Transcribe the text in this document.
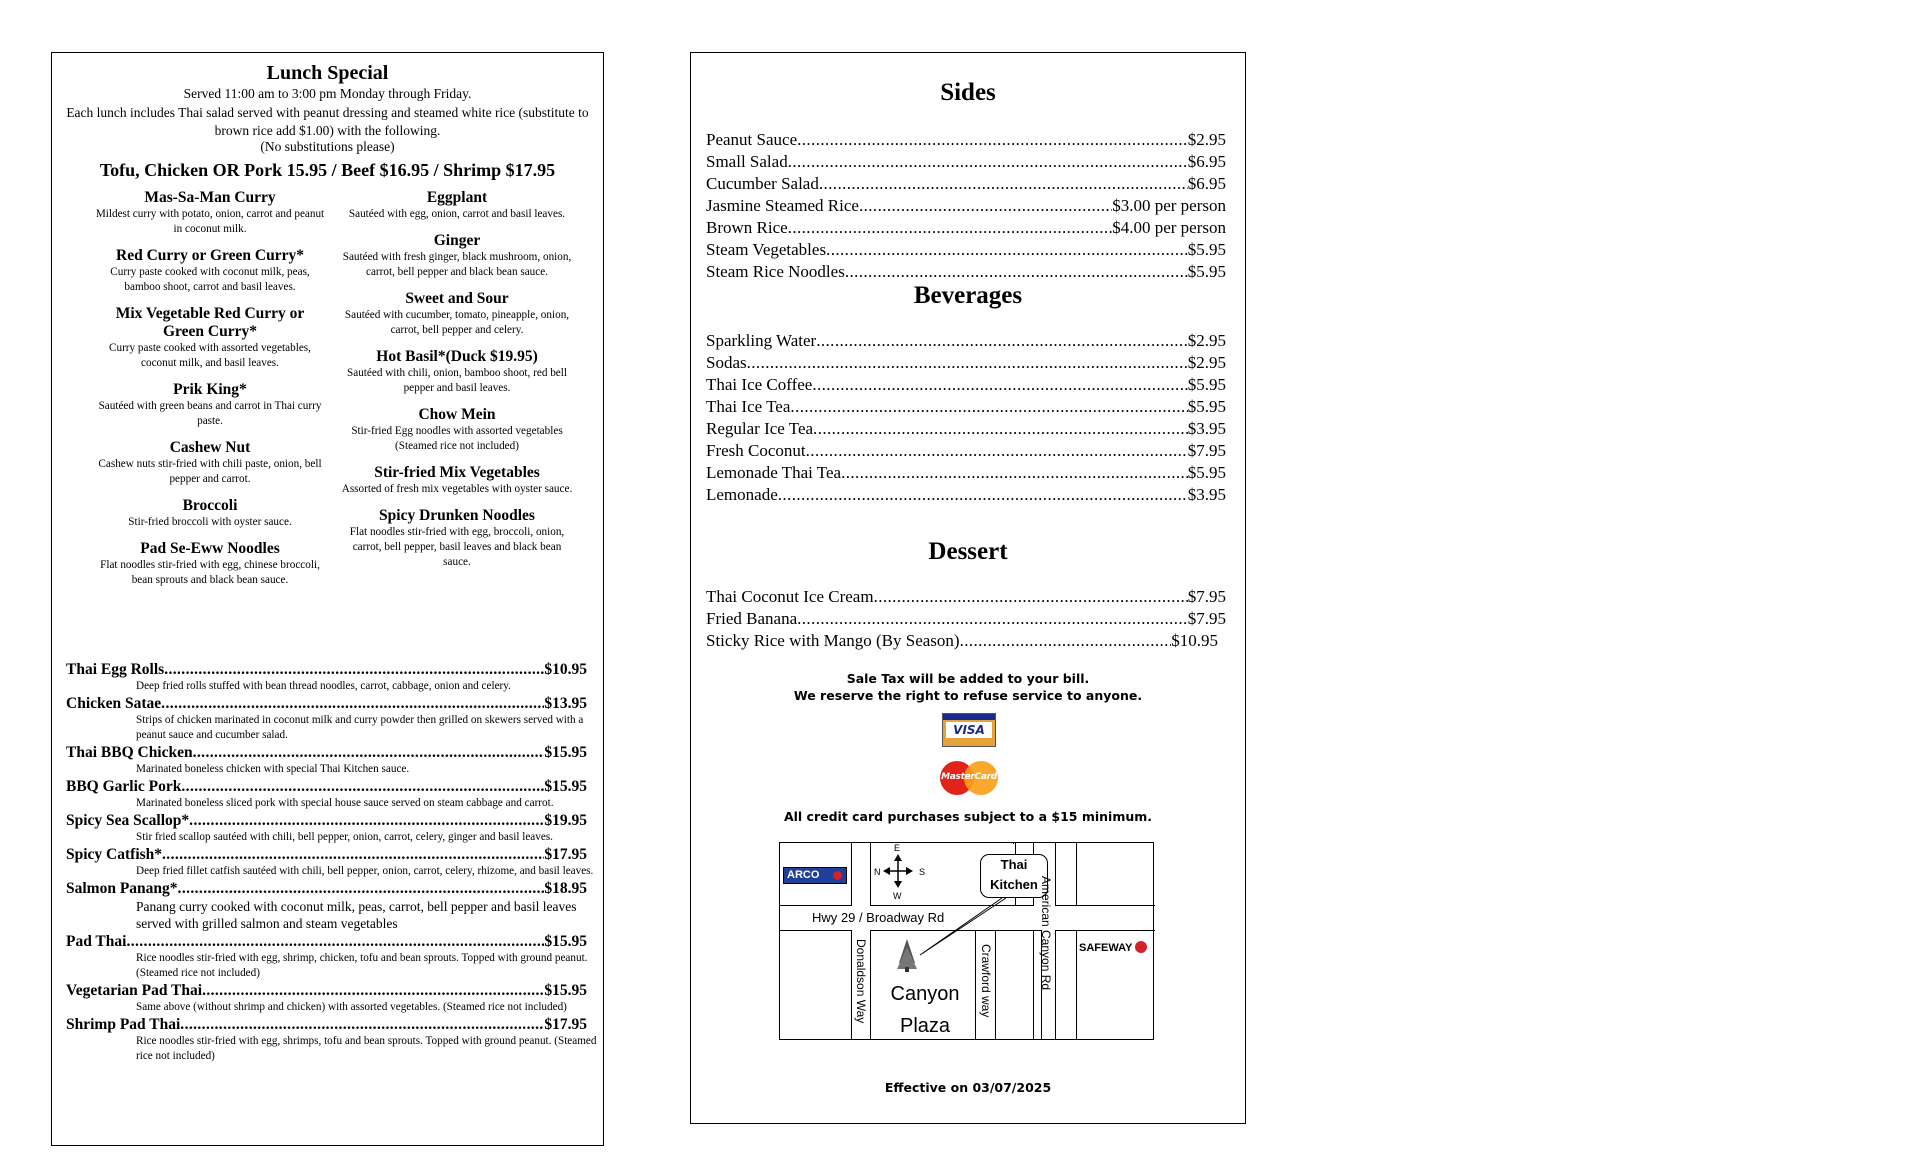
Lunch Special
Served 11:00 am to 3:00 pm Monday through Friday.
Each lunch includes Thai salad served with peanut dressing and steamed white rice (substitute to brown rice add $1.00) with the following.
(No substitutions please)
Tofu, Chicken OR Pork 15.95 / Beef $16.95 / Shrimp $17.95
Mas-Sa-Man Curry
Mildest curry with potato, onion, carrot and peanut in coconut milk.
Red Curry or Green Curry*
Curry paste cooked with coconut milk, peas, bamboo shoot, carrot and basil leaves.
Mix Vegetable Red Curry or Green Curry*
Curry paste cooked with assorted vegetables, coconut milk, and basil leaves.
Prik King*
Sautéed with green beans and carrot in Thai curry paste.
Cashew Nut
Cashew nuts stir-fried with chili paste, onion, bell pepper and carrot.
Broccoli
Stir-fried broccoli with oyster sauce.
Pad Se-Eww Noodles
Flat noodles stir-fried with egg, chinese broccoli, bean sprouts and black bean sauce.
Eggplant
Sautéed with egg, onion, carrot and basil leaves.
Ginger
Sautéed with fresh ginger, black mushroom, onion, carrot, bell pepper and black bean sauce.
Sweet and Sour
Sautéed with cucumber, tomato, pineapple, onion, carrot, bell pepper and celery.
Hot Basil*(Duck $19.95)
Sautéed with chili, onion, bamboo shoot, red bell pepper and basil leaves.
Chow Mein
Stir-fried Egg noodles with assorted vegetables (Steamed rice not included)
Stir-fried Mix Vegetables
Assorted of fresh mix vegetables with oyster sauce.
Spicy Drunken Noodles
Flat noodles stir-fried with egg, broccoli, onion, carrot, bell pepper, basil leaves and black bean sauce.
Thai Egg Rolls .....	$10.95
Deep fried rolls stuffed with bean thread noodles, carrot, cabbage, onion and celery.
Chicken Satae .....	$13.95
Strips of chicken marinated in coconut milk and curry powder then grilled on skewers served with a peanut sauce and cucumber salad.
Thai BBQ Chicken .....	$15.95
Marinated boneless chicken with special Thai Kitchen sauce.
BBQ Garlic Pork .....	$15.95
Marinated boneless sliced pork with special house sauce served on steam cabbage and carrot.
Spicy Sea Scallop* .....	$19.95
Stir fried scallop sautéed with chili, bell pepper, onion, carrot, celery, ginger and basil leaves.
Spicy Catfish* .....	$17.95
Deep fried fillet catfish sautéed with chili, bell pepper, onion, carrot, celery, rhizome, and basil leaves.
Salmon Panang* .....	$18.95
Panang curry cooked with coconut milk, peas, carrot, bell pepper and basil leaves served with grilled salmon and steam vegetables
Pad Thai .....	$15.95
Rice noodles stir-fried with egg, shrimp, chicken, tofu and bean sprouts. Topped with ground peanut. (Steamed rice not included)
Vegetarian Pad Thai .....	$15.95
Same above (without shrimp and chicken) with assorted vegetables. (Steamed rice not included)
Shrimp Pad Thai .....	$17.95
Rice noodles stir-fried with egg, shrimps, tofu and bean sprouts. Topped with ground peanut. (Steamed rice not included)
Sides
Peanut Sauce .....	$2.95
Small Salad .....	$6.95
Cucumber Salad .....	$6.95
Jasmine Steamed Rice .....	$3.00 per person
Brown Rice .....	$4.00 per person
Steam Vegetables .....	$5.95
Steam Rice Noodles .....	$5.95
Beverages
Sparkling Water .....	$2.95
Sodas .....	$2.95
Thai Ice Coffee .....	$5.95
Thai Ice Tea .....	$5.95
Regular Ice Tea .....	$3.95
Fresh Coconut .....	$7.95
Lemonade Thai Tea .....	$5.95
Lemonade .....	$3.95
Dessert
Thai Coconut Ice Cream .....	$7.95
Fried Banana .....	$7.95
Sticky Rice with Mango (By Season) .....	$10.95
Sale Tax will be added to your bill.
We reserve the right to refuse service to anyone.
VISA
MasterCard
All credit card purchases subject to a $15 minimum.
ARCO
E
W
N	S	Thai
Kitchen
Hwy 29 / Broadway Rd
Canyon
Plaza
Donaldson Way	Crawford way	American Canyon Rd SAFEWAY
Effective on 03/07/2025
